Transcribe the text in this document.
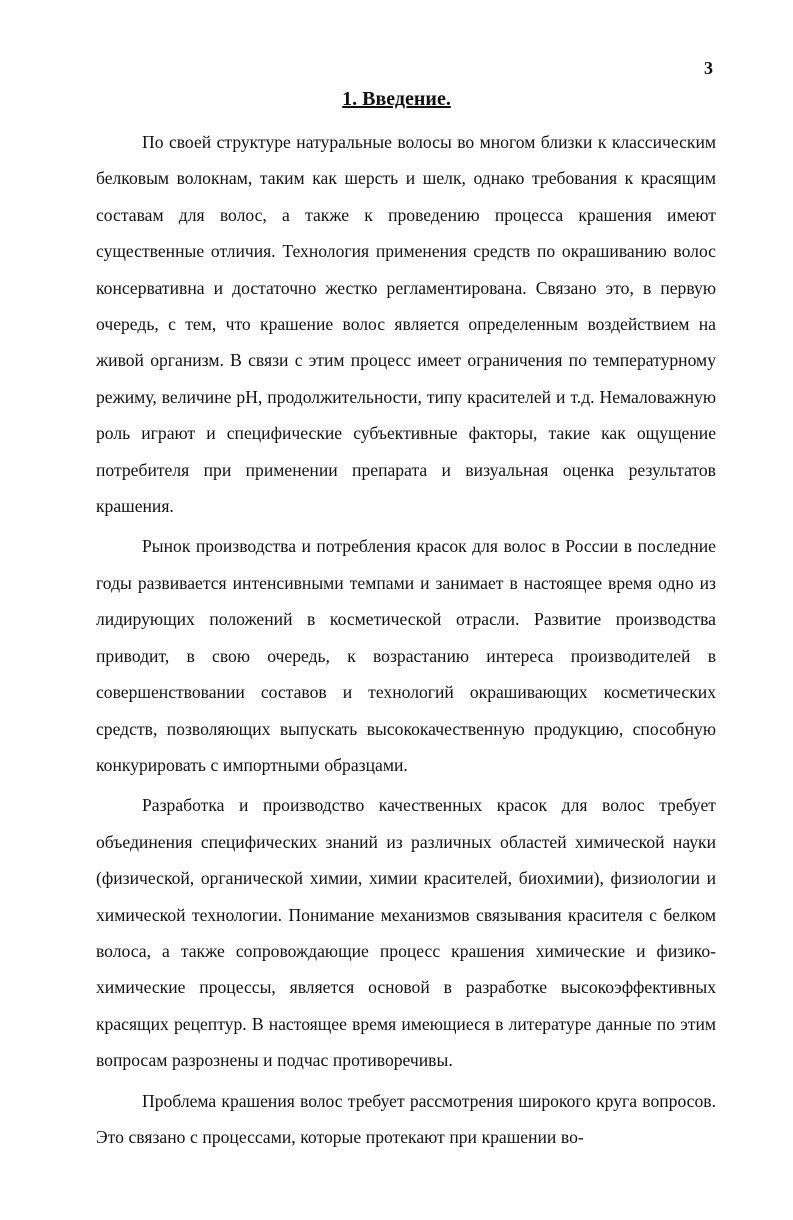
3

1. Введение.

По своей структуре натуральные волосы во многом близки к классическим белковым волокнам, таким как шерсть и шелк, однако требования к красящим составам для волос, а также к проведению процесса крашения имеют существенные отличия. Технология применения средств по окрашиванию волос консервативна и достаточно жестко регламентирована. Связано это, в первую очередь, с тем, что крашение волос является определенным воздействием на живой организм. В связи с этим процесс имеет ограничения по температурному режиму, величине рН, продолжительности, типу красителей и т.д. Немаловажную роль играют и специфические субъективные факторы, такие как ощущение потребителя при применении препарата и визуальная оценка результатов крашения.

Рынок производства и потребления красок для волос в России в последние годы развивается интенсивными темпами и занимает в настоящее время одно из лидирующих положений в косметической отрасли. Развитие производства приводит, в свою очередь, к возрастанию интереса производителей в совершенствовании составов и технологий окрашивающих косметических средств, позволяющих выпускать высококачественную продукцию, способную конкурировать с импортными образцами.

Разработка и производство качественных красок для волос требует объединения специфических знаний из различных областей химической науки (физической, органической химии, химии красителей, биохимии), физиологии и химической технологии. Понимание механизмов связывания красителя с белком волоса, а также сопровождающие процесс крашения химические и физико-химические процессы, является основой в разработке высокоэффективных красящих рецептур. В настоящее время имеющиеся в литературе данные по этим вопросам разрознены и подчас противоречивы.

Проблема крашения волос требует рассмотрения широкого круга вопросов. Это связано с процессами, которые протекают при крашении во-
